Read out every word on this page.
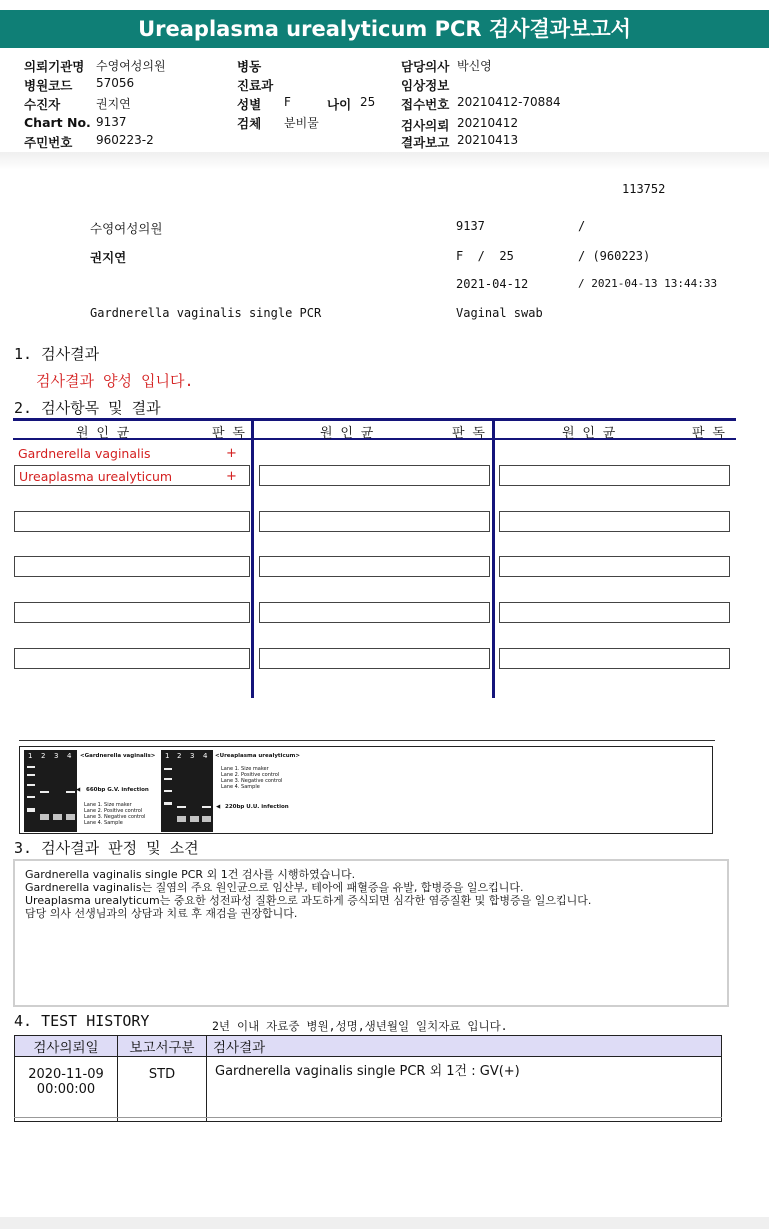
Ureaplasma urealyticum PCR 검사결과보고서
의뢰기관명 수영여성의원
병원코드 57056
수진자	권지연
Chart No. 9137
주민번호 960223-2
병동
진료과
성별 F	나이 25
검체 분비물
담당의사 박신영
임상정보
접수번호 20210412-70884
검사의뢰 20210412
결과보고 20210413
113752
수영여성의원	9137	/
권지연	F  /  25	/ (960223)
2021-04-12	/ 2021-04-13 13:44:33
Gardnerella vaginalis single PCR	Vaginal swab
1. 검사결과
검사결과 양성 입니다.
2. 검사항목 및 결과
원 인 균	판 독	원 인 균	판 독	원 인 균	판 독
Gardnerella vaginalis	+
Ureaplasma urealyticum	+
1 2 3 4 <Gardnerella vaginalis>
◀ 660bp G.V. infection
Lane 1. Size maker
Lane 2. Positive control
Lane 3. Negative control
Lane 4. Sample
1 2 3 4 <Ureaplasma urealyticum>
Lane 1. Size maker
Lane 2. Positive control
Lane 3. Negative control
Lane 4. Sample
◀ 220bp U.U. infection
3. 검사결과 판정 및 소견
Gardnerella vaginalis single PCR 외 1건 검사를 시행하였습니다.
Gardnerella vaginalis는 질염의 주요 원인균으로 임산부, 테아에 패혈증을 유발, 합병증을 일으킵니다.
Ureaplasma urealyticum는 중요한 성전파성 질환으로 과도하게 증식되면 심각한 염증질환 및 합병증을 일으킵니다.
담당 의사 선생님과의 상담과 치료 후 재검을 권장합니다.
4. TEST HISTORY	2년 이내 자료중 병원,성명,생년월일 일치자료 입니다.
검사의뢰일	보고서구분	검사결과

2020-11-09
00:00:00	STD	Gardnerella vaginalis single PCR 외 1건 : GV(+)
